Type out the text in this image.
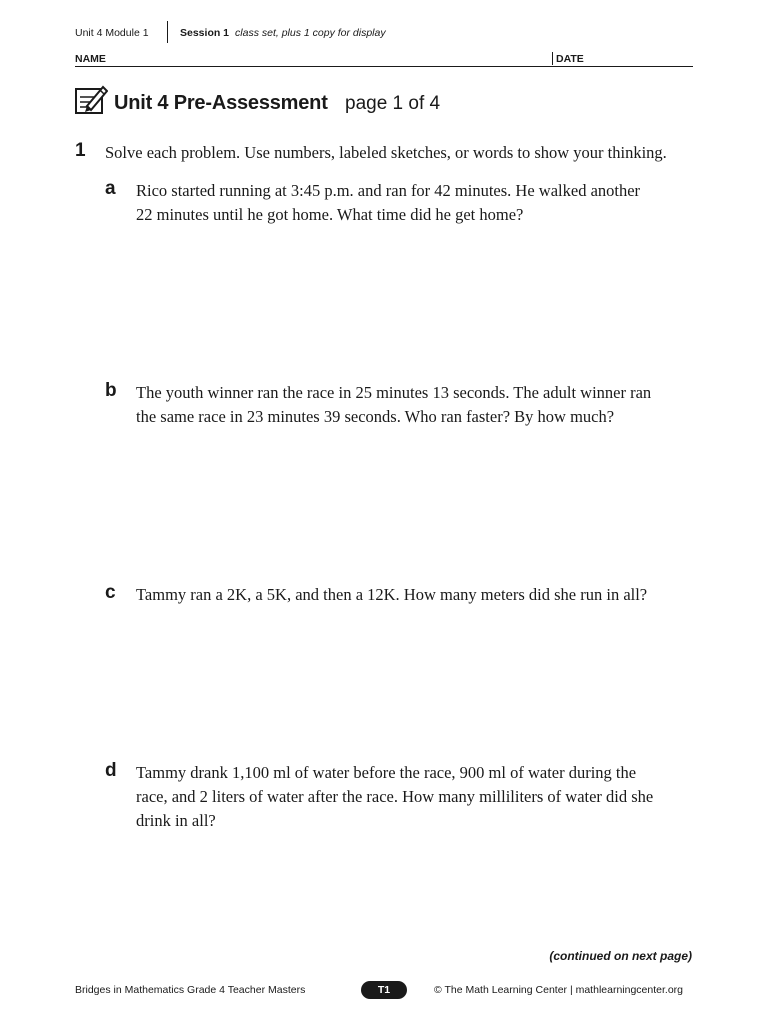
Unit 4 Module 1	Session 1 class set, plus 1 copy for display
NAME	DATE
Unit 4 Pre-Assessment page 1 of 4
1 Solve each problem. Use numbers, labeled sketches, or words to show your thinking.
a Rico started running at 3:45 p.m. and ran for 42 minutes. He walked another
22 minutes until he got home. What time did he get home?
b The youth winner ran the race in 25 minutes 13 seconds. The adult winner ran
the same race in 23 minutes 39 seconds. Who ran faster? By how much?
c Tammy ran a 2K, a 5K, and then a 12K. How many meters did she run in all?
d Tammy drank 1,100 ml of water before the race, 900 ml of water during the
race, and 2 liters of water after the race. How many milliliters of water did she
drink in all?
(continued on next page)
Bridges in Mathematics Grade 4 Teacher Masters	T1	© The Math Learning Center | mathlearningcenter.org
